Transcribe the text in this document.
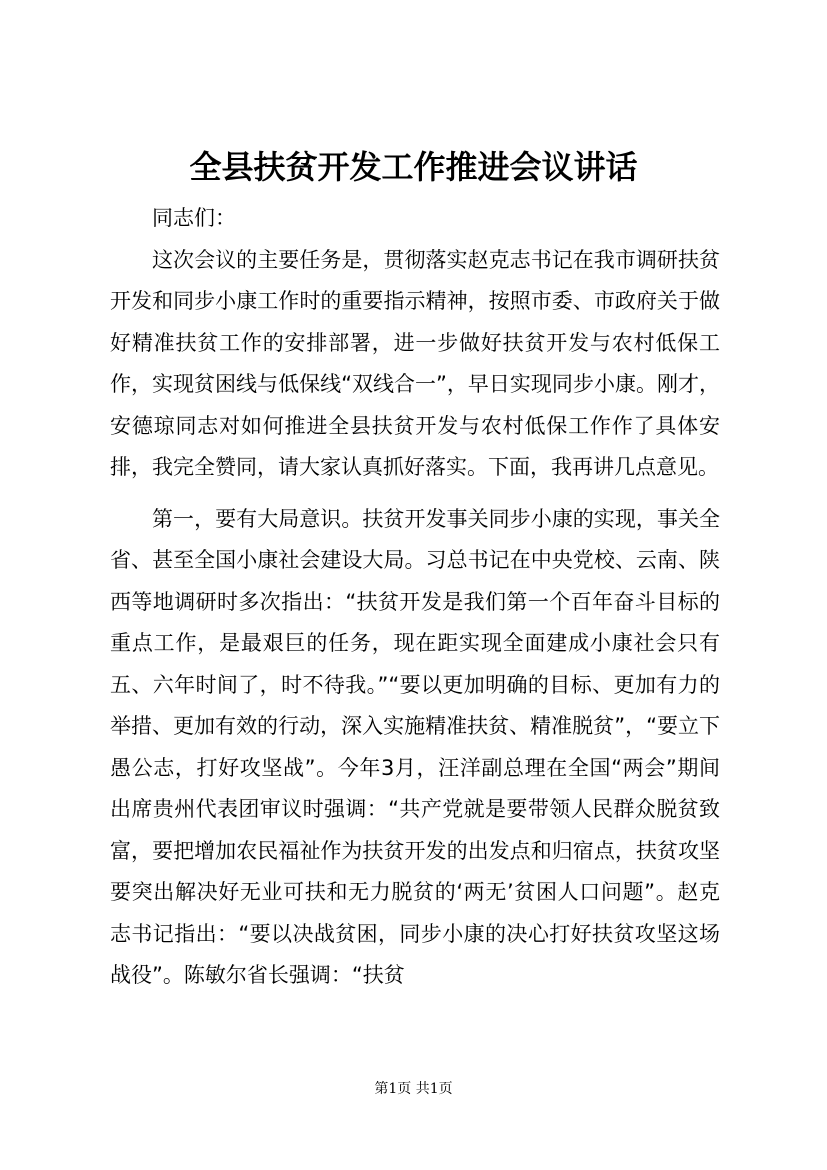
全县扶贫开发工作推进会议讲话

同志们：

这次会议的主要任务是，贯彻落实赵克志书记在我市调研扶贫开发和同步小康工作时的重要指示精神，按照市委、市政府关于做好精准扶贫工作的安排部署，进一步做好扶贫开发与农村低保工作，实现贫困线与低保线“双线合一”，早日实现同步小康。刚才，安德琼同志对如何推进全县扶贫开发与农村低保工作作了具体安排，我完全赞同，请大家认真抓好落实。下面，我再讲几点意见。

第一，要有大局意识。扶贫开发事关同步小康的实现，事关全省、甚至全国小康社会建设大局。习总书记在中央党校、云南、陕西等地调研时多次指出：“扶贫开发是我们第一个百年奋斗目标的重点工作，是最艰巨的任务，现在距实现全面建成小康社会只有五、六年时间了，时不待我。”“要以更加明确的目标、更加有力的举措、更加有效的行动，深入实施精准扶贫、精准脱贫”，“要立下愚公志，打好攻坚战”。今年3月，汪洋副总理在全国“两会”期间出席贵州代表团审议时强调：“共产党就是要带领人民群众脱贫致富，要把增加农民福祉作为扶贫开发的出发点和归宿点，扶贫攻坚要突出解决好无业可扶和无力脱贫的‘两无’贫困人口问题”。赵克志书记指出：“要以决战贫困，同步小康的决心打好扶贫攻坚这场战役”。陈敏尔省长强调：“扶贫

第1页 共1页
